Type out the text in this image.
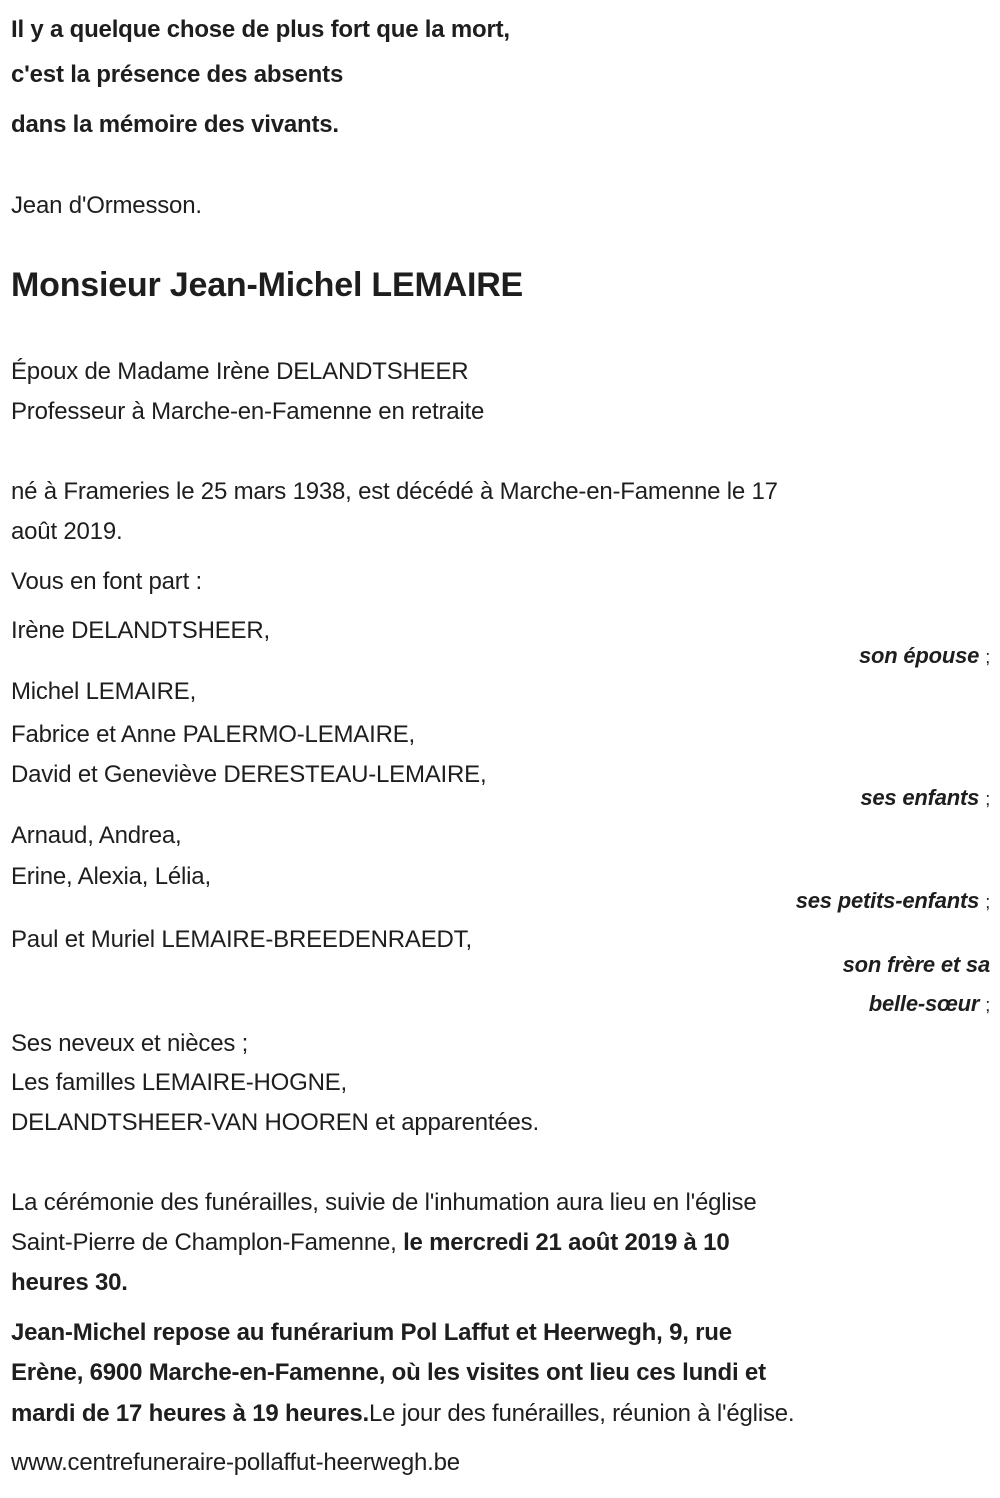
Il y a quelque chose de plus fort que la mort,
c'est la présence des absents
dans la mémoire des vivants.
Jean d'Ormesson.
Monsieur Jean-Michel LEMAIRE
Époux de Madame Irène DELANDTSHEER
Professeur à Marche-en-Famenne en retraite
né à Frameries le 25 mars 1938, est décédé à Marche-en-Famenne le 17
août 2019.
Vous en font part :
Irène DELANDTSHEER,
son épouse ;
Michel LEMAIRE,
Fabrice et Anne PALERMO-LEMAIRE,
David et Geneviève DERESTEAU-LEMAIRE,
ses enfants ;
Arnaud, Andrea,
Erine, Alexia, Lélia,
ses petits-enfants ;
Paul et Muriel LEMAIRE-BREEDENRAEDT,
son frère et sa
belle-sœur ;
Ses neveux et nièces ;
Les familles LEMAIRE-HOGNE,
DELANDTSHEER-VAN HOOREN et apparentées.
La cérémonie des funérailles, suivie de l'inhumation aura lieu en l'église
Saint-Pierre de Champlon-Famenne, le mercredi 21 août 2019 à 10
heures 30.
Jean-Michel repose au funérarium Pol Laffut et Heerwegh, 9, rue
Erène, 6900 Marche-en-Famenne, où les visites ont lieu ces lundi et
mardi de 17 heures à 19 heures.Le jour des funérailles, réunion à l'église.
www.centrefuneraire-pollaffut-heerwegh.be
